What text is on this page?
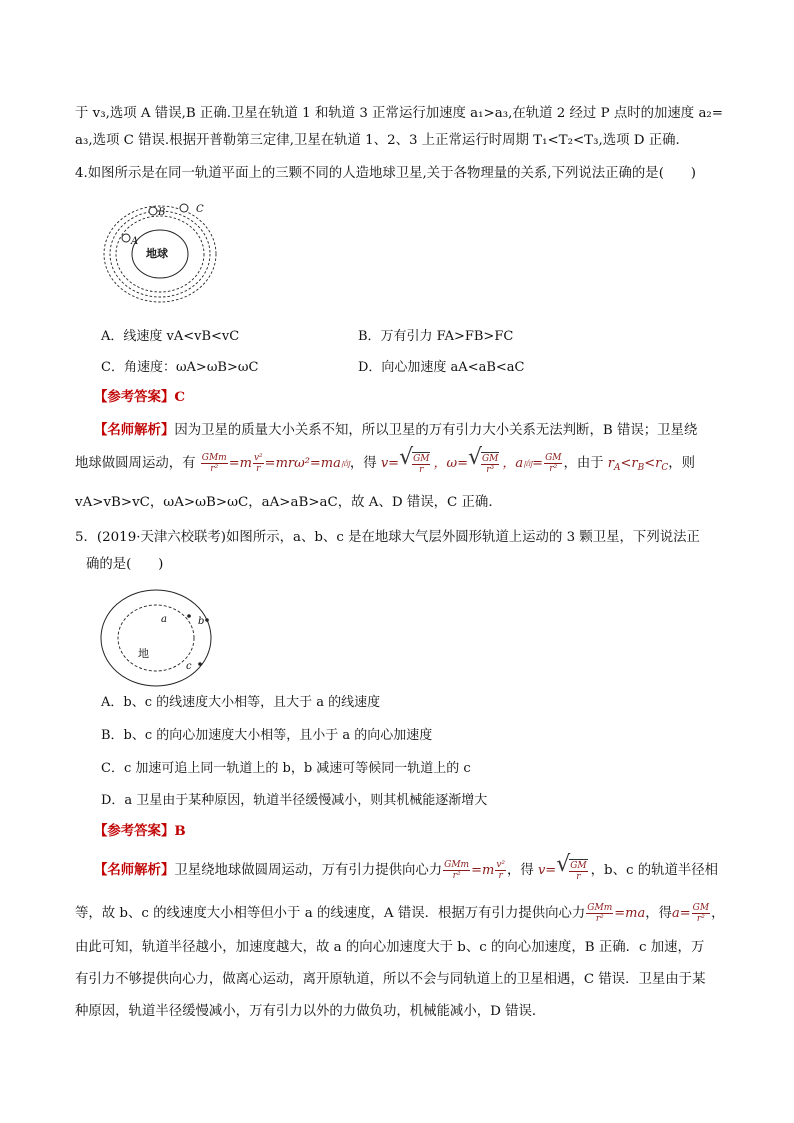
于 v₃,选项 A 错误,B 正确.卫星在轨道 1 和轨道 3 正常运行加速度 a₁>a₃,在轨道 2 经过 P 点时的加速度 a₂=
a₃,选项 C 错误.根据开普勒第三定律,卫星在轨道 1、2、3 上正常运行时周期 T₁<T₂<T₃,选项 D 正确.
4.如图所示是在同一轨道平面上的三颗不同的人造地球卫星,关于各物理量的关系,下列说法正确的是(　　)
地球
A
B	C
A．线速度 vA<vB<vC	B．万有引力 FA>FB>FC
C．角速度：ωA>ωB>ωC	D．向心加速度 aA<aB<aC
【参考答案】C
【名师解析】因为卫星的质量大小关系不知，所以卫星的万有引力大小关系无法判断，B 错误；卫星绕
地球做圆周运动，有 $\frac{\text{GMm}}{\text{r²}} =m \frac{\text{v²}}{r} =mr\omega^2=ma$向，得 v= √ $\frac{GM}{r}$ ，ω= √ $\frac{GM}{\text{r³}}$ ，a向= $\frac{GM}{\text{r²}}$ ，由于 $r_A<r_B<r_C$，则
vA>vB>vC，ωA>ωB>ωC，aA>aB>aC，故 A、D 错误，C 正确.
5．(2019·天津六校联考)如图所示，a、b、c 是在地球大气层外圆形轨道上运动的 3 颗卫星，下列说法正
确的是(　　)
地
a	b
c
A．b、c 的线速度大小相等，且大于 a 的线速度
B．b、c 的向心加速度大小相等，且小于 a 的向心加速度
C．c 加速可追上同一轨道上的 b，b 减速可等候同一轨道上的 c
D．a 卫星由于某种原因，轨道半径缓慢减小，则其机械能逐渐增大
【参考答案】B
【名师解析】卫星绕地球做圆周运动，万有引力提供向心力 $\frac{\text{GMm}}{\text{r²}} =m \frac{\text{v²}}{r}$ ，得 v= √ $\frac{GM}{r}$ ，b、c 的轨道半径相
等，故 b、c 的线速度大小相等但小于 a 的线速度，A 错误．根据万有引力提供向心力 $\frac{\text{GMm}}{\text{r²}} =ma$，得$a= \frac{GM}{\text{r²}}$ ，
由此可知，轨道半径越小，加速度越大，故 a 的向心加速度大于 b、c 的向心加速度，B 正确．c 加速，万
有引力不够提供向心力，做离心运动，离开原轨道，所以不会与同轨道上的卫星相遇，C 错误．卫星由于某
种原因，轨道半径缓慢减小，万有引力以外的力做负功，机械能减小，D 错误．
